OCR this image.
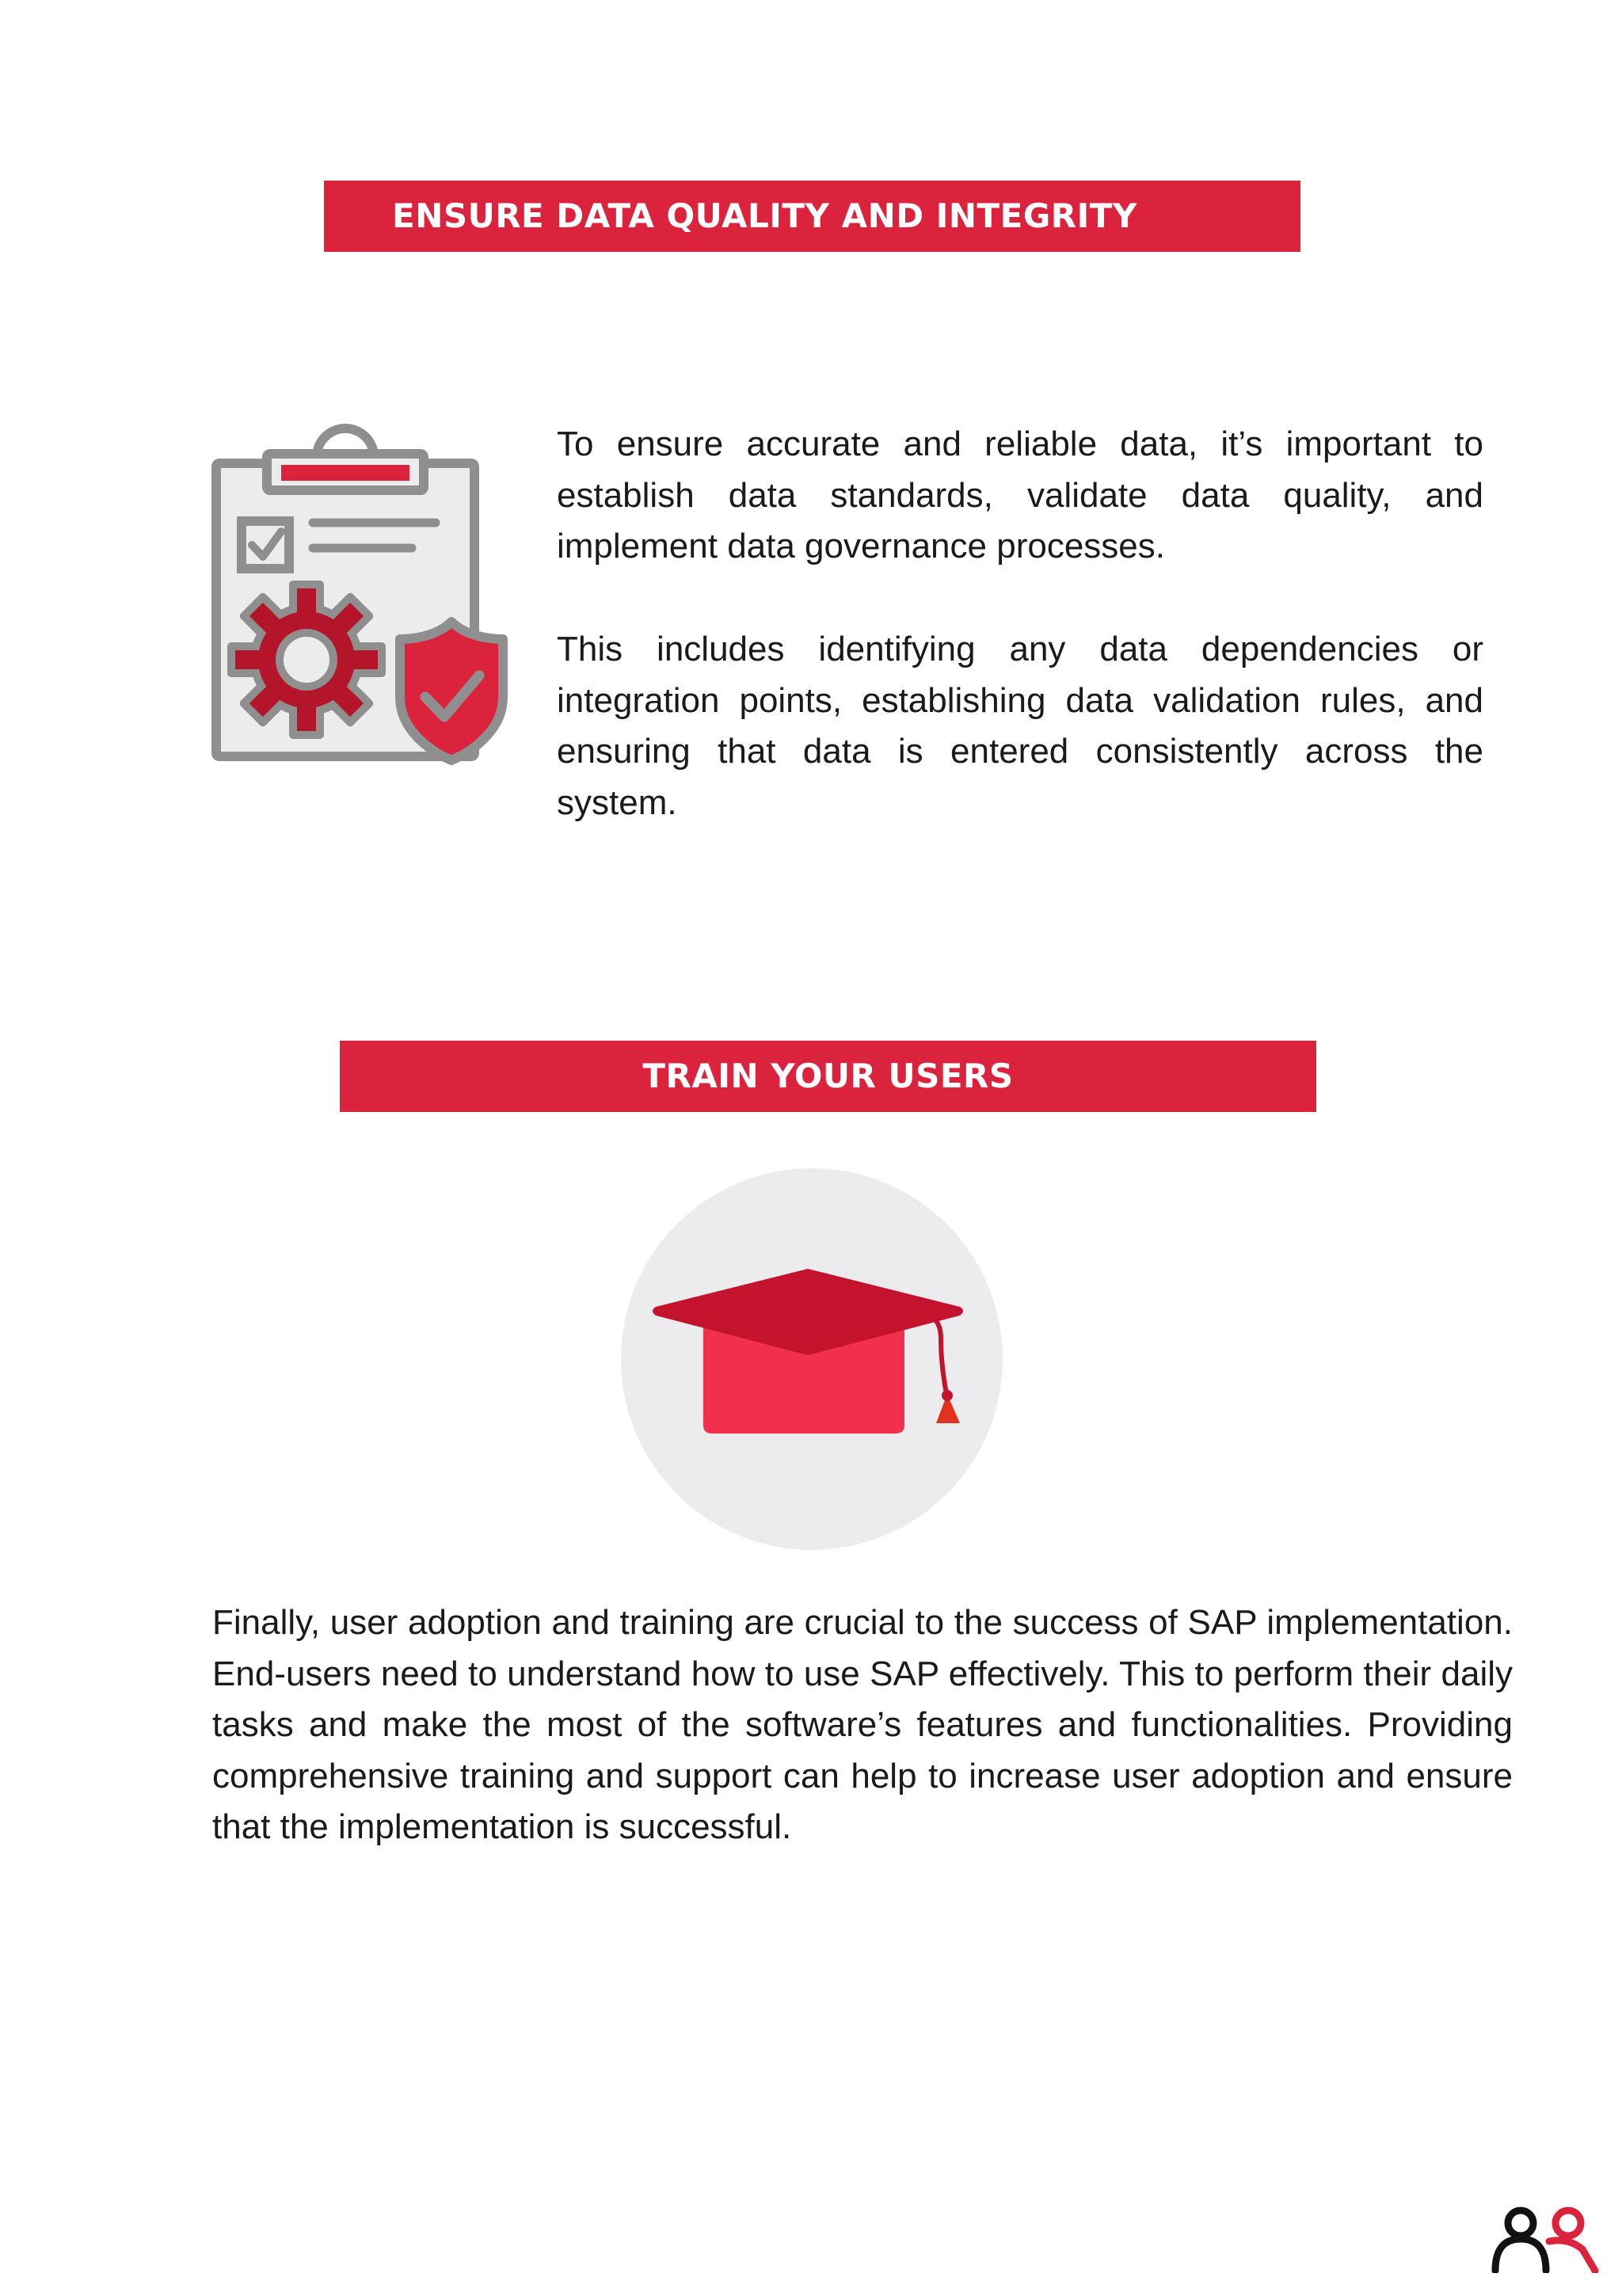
ENSURE DATA QUALITY AND INTEGRITY

To ensure accurate and reliable data, it’s important to establish data standards, validate data quality, and implement data governance processes.

This includes identifying any data dependencies or integration points, establishing data validation rules, and ensuring that data is entered consistently across the system.

TRAIN YOUR USERS

Finally, user adoption and training are crucial to the success of SAP implementation. End-users need to understand how to use SAP effectively. This to perform their daily tasks and make the most of the software’s features and functionalities. Providing comprehensive training and support can help to increase user adoption and ensure that the implementation is successful.
